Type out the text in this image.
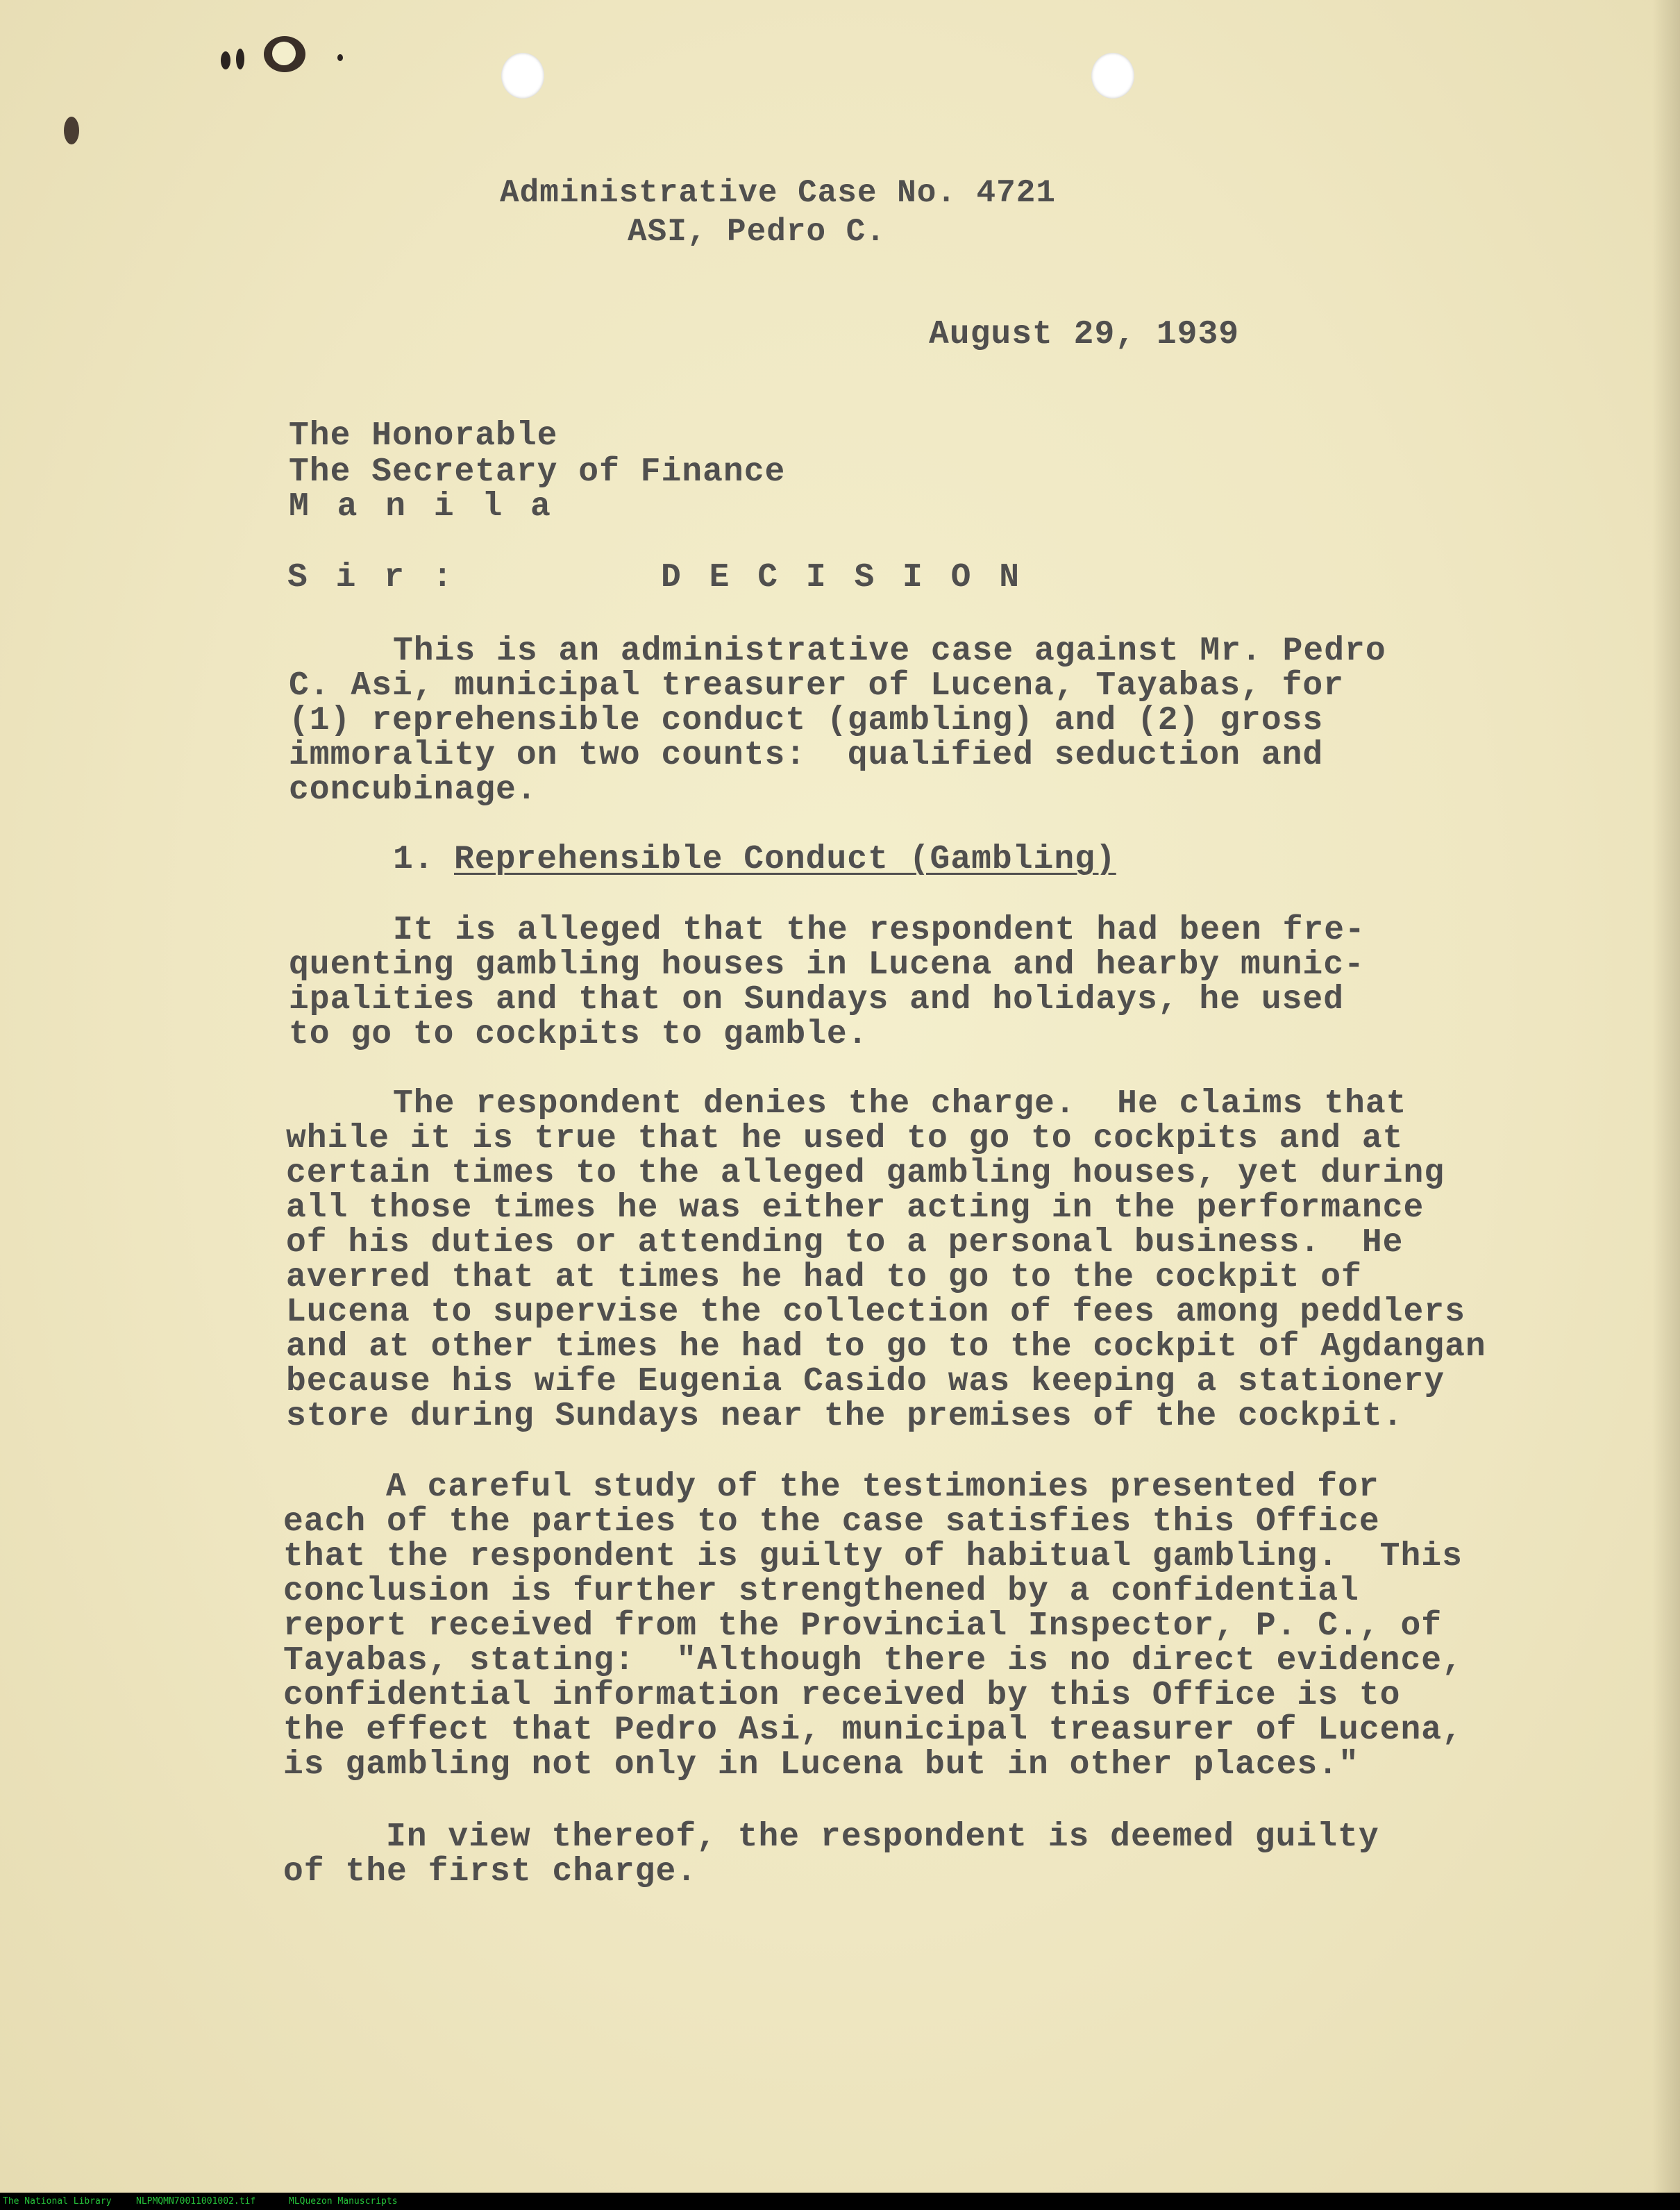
Administrative Case No. 4721

ASI, Pedro C.

August 29, 1939

The Honorable

The Secretary of Finance

M a n i l a

S i r :	D E C I S I O N

This is an administrative case against Mr. Pedro

C. Asi, municipal treasurer of Lucena, Tayabas, for

(1) reprehensible conduct (gambling) and (2) gross

immorality on two counts:  qualified seduction and

concubinage.

1. Reprehensible Conduct (Gambling)

It is alleged that the respondent had been fre-

quenting gambling houses in Lucena and hearby munic-

ipalities and that on Sundays and holidays, he used

to go to cockpits to gamble.

The respondent denies the charge.  He claims that

while it is true that he used to go to cockpits and at

certain times to the alleged gambling houses, yet during

all those times he was either acting in the performance

of his duties or attending to a personal business.  He

averred that at times he had to go to the cockpit of

Lucena to supervise the collection of fees among peddlers

and at other times he had to go to the cockpit of Agdangan

because his wife Eugenia Casido was keeping a stationery

store during Sundays near the premises of the cockpit.

A careful study of the testimonies presented for

each of the parties to the case satisfies this Office

that the respondent is guilty of habitual gambling.  This

conclusion is further strengthened by a confidential

report received from the Provincial Inspector, P. C., of

Tayabas, stating:  "Although there is no direct evidence,

confidential information received by this Office is to

the effect that Pedro Asi, municipal treasurer of Lucena,

is gambling not only in Lucena but in other places."

In view thereof, the respondent is deemed guilty

of the first charge.

The National Library	NLPMQMN70011001002.tif	MLQuezon Manuscripts
